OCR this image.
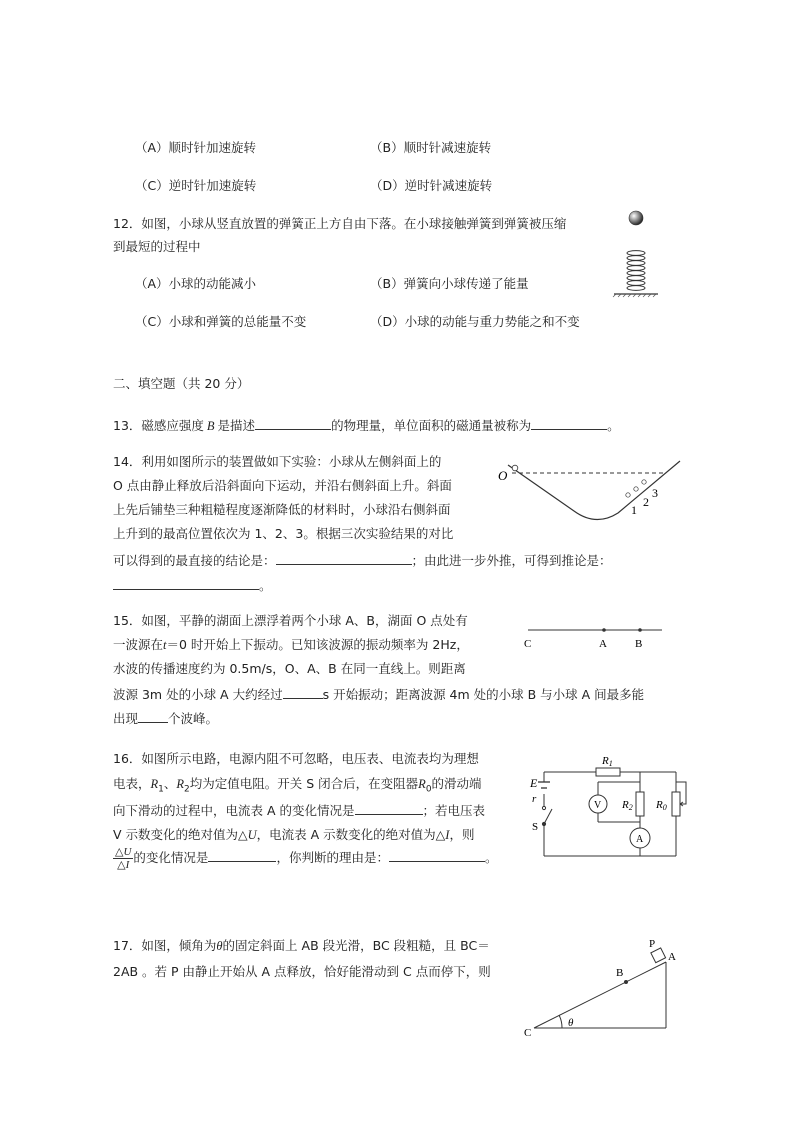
（A）顺时针加速旋转	（B）顺时针减速旋转
（C）逆时针加速旋转	（D）逆时针减速旋转
12．如图，小球从竖直放置的弹簧正上方自由下落。在小球接触弹簧到弹簧被压缩
到最短的过程中
（A）小球的动能减小	（B）弹簧向小球传递了能量
（C）小球和弹簧的总能量不变	（D）小球的动能与重力势能之和不变
二、填空题（共 20 分）
13．磁感应强度 B 是描述	的物理量，单位面积的磁通量被称为	。
14．利用如图所示的装置做如下实验：小球从左侧斜面上的
O 点由静止释放后沿斜面向下运动，并沿右侧斜面上升。斜面
上先后铺垫三种粗糙程度逐渐降低的材料时，小球沿右侧斜面
上升到的最高位置依次为 1、2、3。根据三次实验结果的对比
可以得到的最直接的结论是：	；由此进一步外推，可得到推论是：
。
O
1
2
3
15．如图，平静的湖面上漂浮着两个小球 A、B，湖面 O 点处有
一波源在t＝0 时开始上下振动。已知该波源的振动频率为 2Hz，
水波的传播速度约为 0.5m/s，O、A、B 在同一直线上。则距离
波源 3m 处的小球 A 大约经过	s 开始振动；距离波源 4m 处的小球 B 与小球 A 间最多能
出现 个波峰。
C	A	B
16．如图所示电路，电源内阻不可忽略，电压表、电流表均为理想
电表，$R_1$、$R_2$均为定值电阻。开关 S 闭合后，在变阻器$R_0$的滑动端
向下滑动的过程中，电流表 A 的变化情况是	；若电压表
V 示数变化的绝对值为△U，电流表 A 示数变化的绝对值为△I，则
$\frac{\triangle U}{\triangle I}$ 的变化情况是	，你判断的理由是：	。
E
r
S
V
A
R1
R2 R0
17．如图，倾角为θ的固定斜面上 AB 段光滑，BC 段粗糙，且 BC＝
2AB 。若 P 由静止开始从 A 点释放，恰好能滑动到 C 点而停下，则
P
A
B
C
θ
